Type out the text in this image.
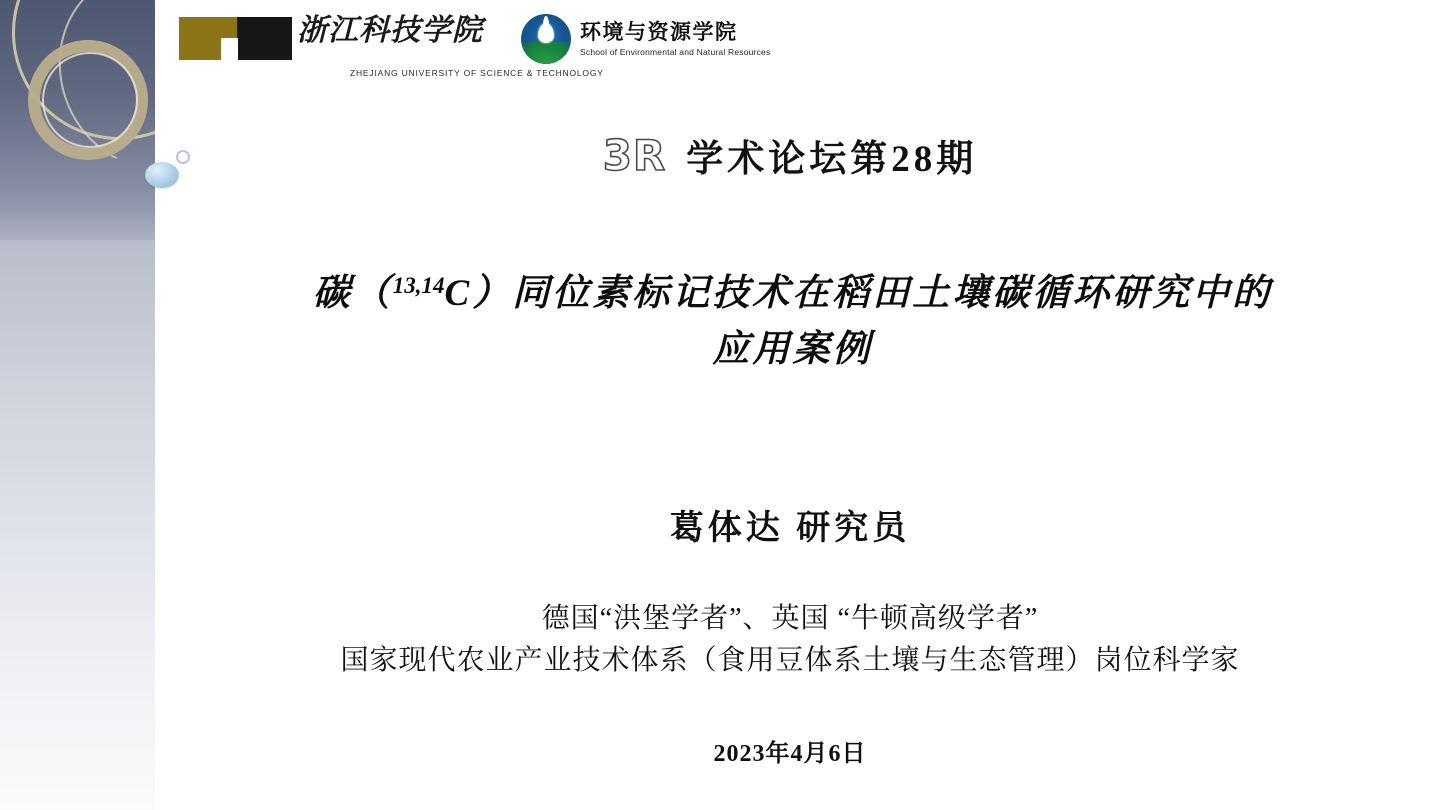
浙江科技学院
ZHEJIANG UNIVERSITY OF SCIENCE & TECHNOLOGY
环境与资源学院
School of Environmental and Natural Resources
3R 学术论坛第28期
碳（$^{13,14}$C）同位素标记技术在稻田土壤碳循环研究中的
应用案例
葛体达 研究员
德国“洪堡学者”、英国 “牛顿高级学者”
国家现代农业产业技术体系（食用豆体系土壤与生态管理）岗位科学家
2023年4月6日
